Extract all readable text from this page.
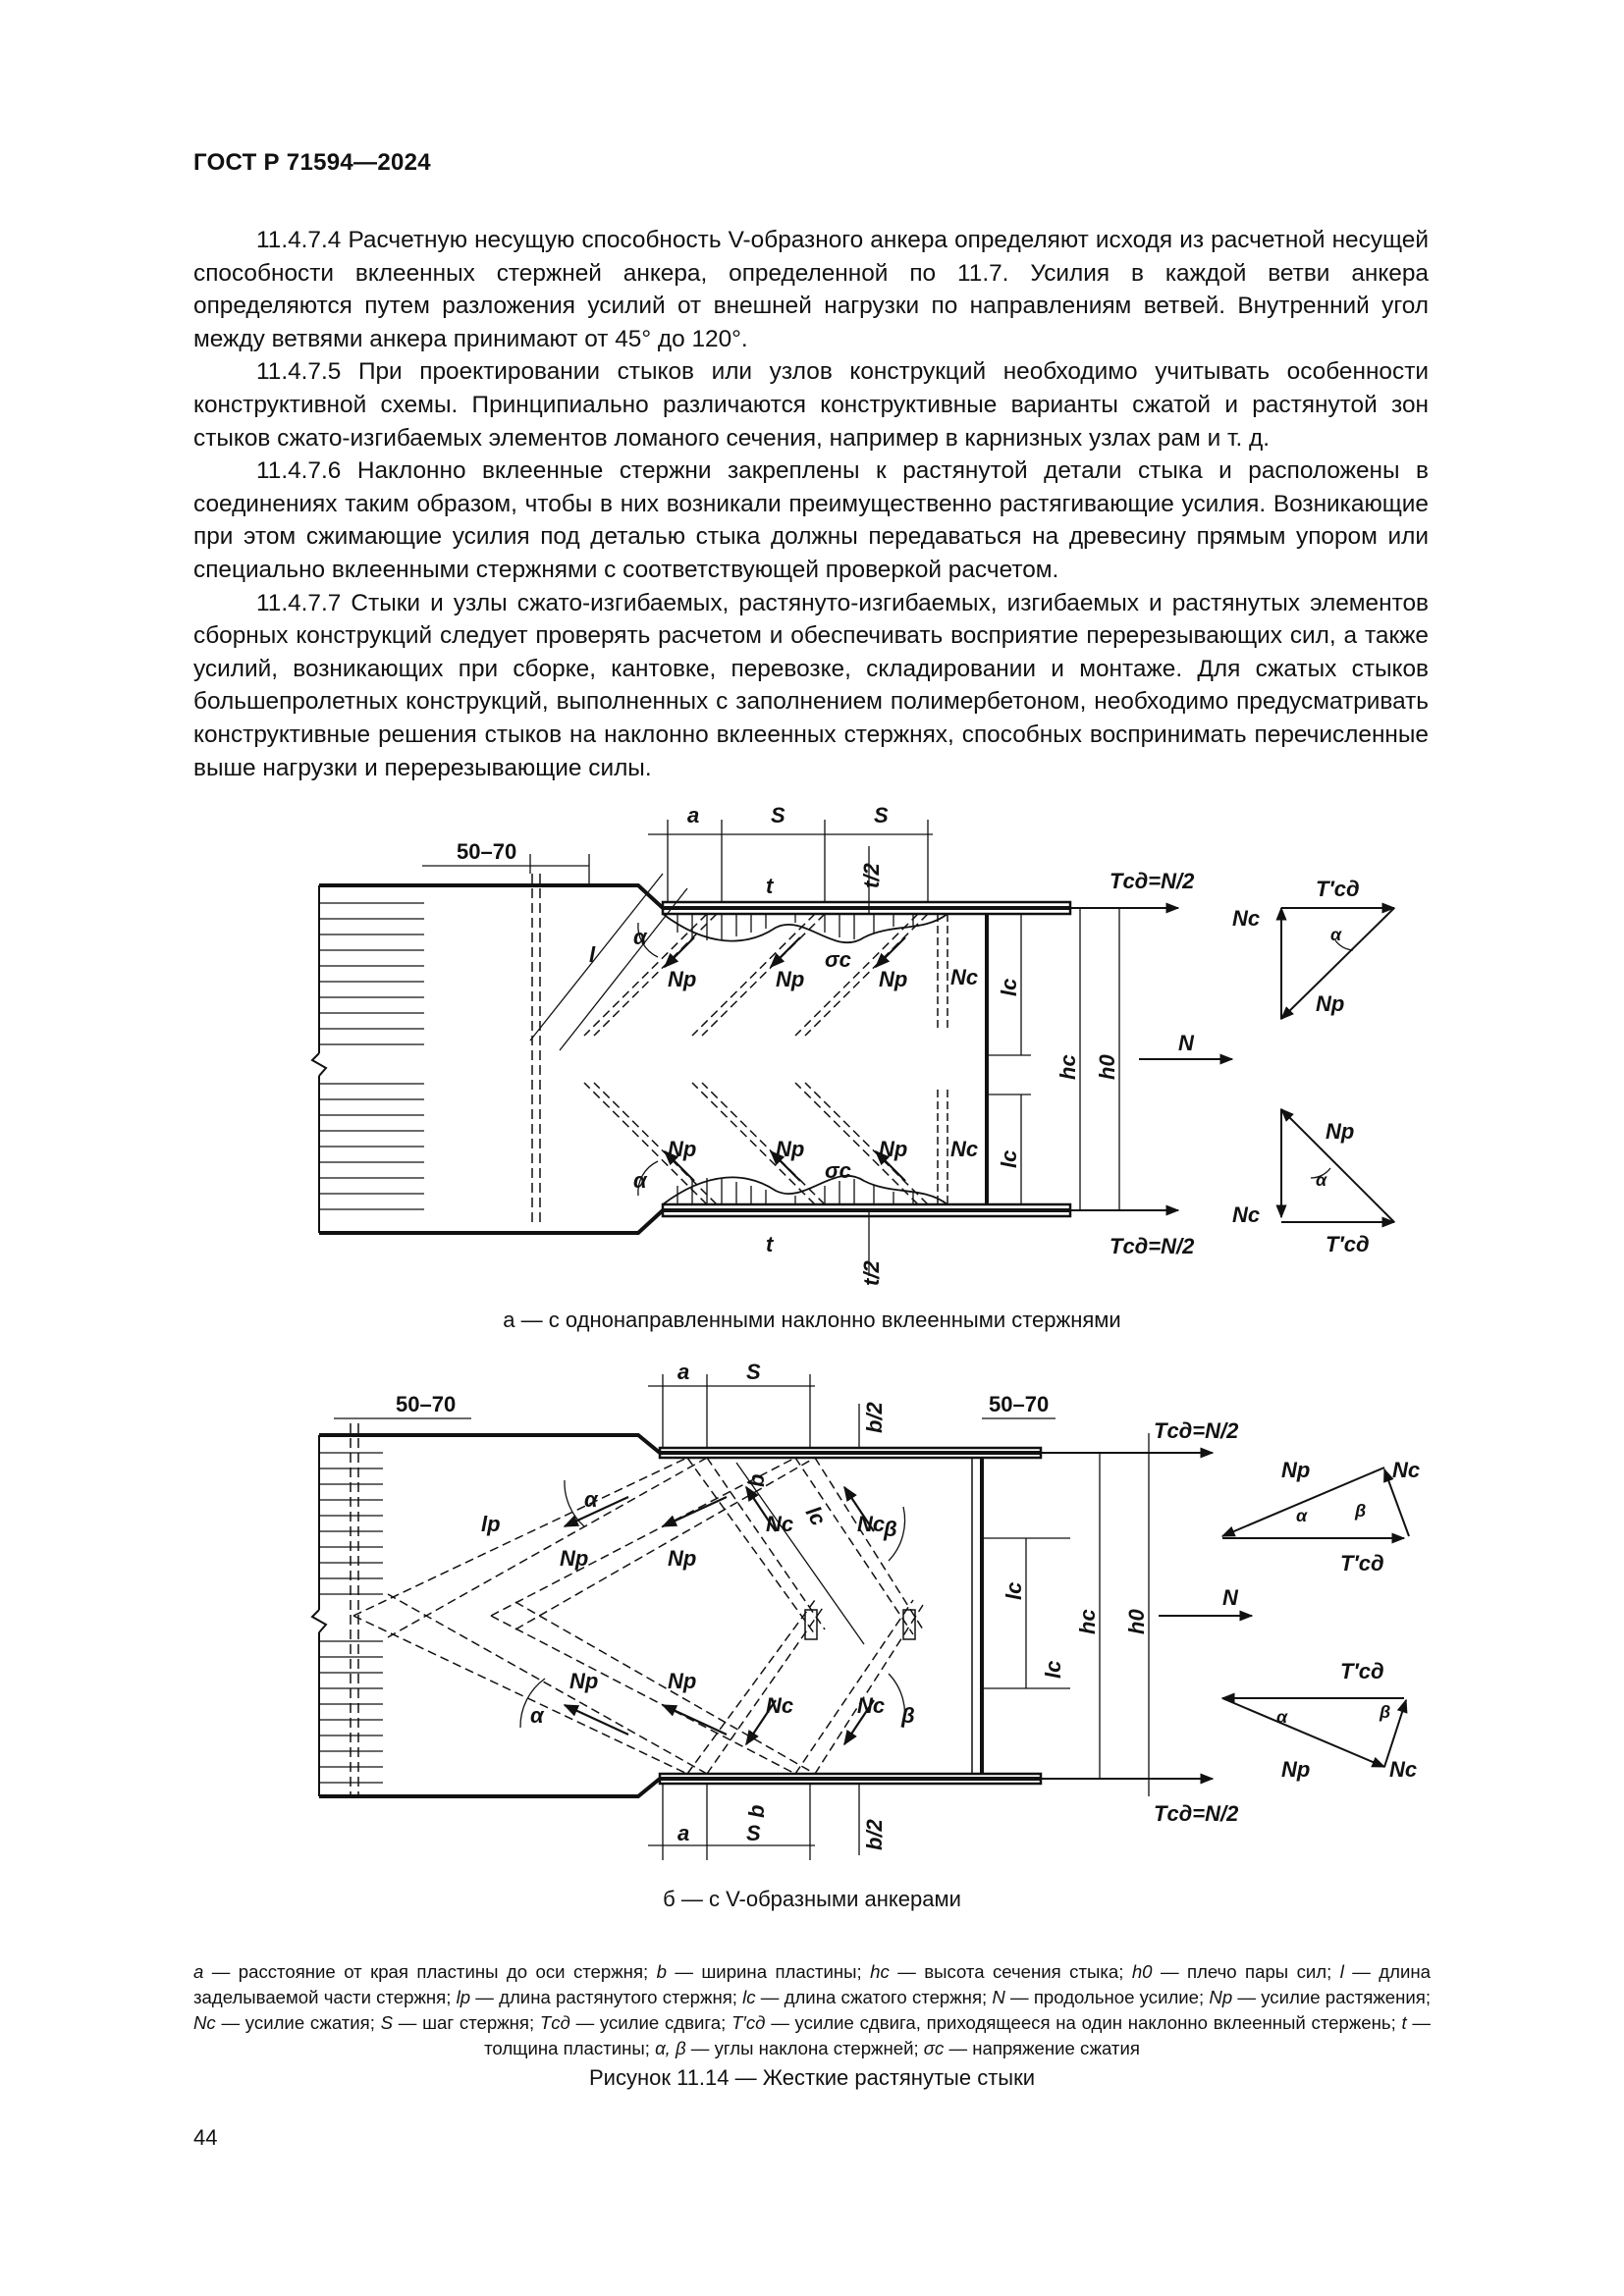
ГОСТ Р 71594—2024

11.4.7.4 Расчетную несущую способность V-образного анкера определяют исходя из расчетной несущей способности вклеенных стержней анкера, определенной по 11.7. Усилия в каждой ветви анкера определяются путем разложения усилий от внешней нагрузки по направлениям ветвей. Внутренний угол между ветвями анкера принимают от 45° до 120°.

11.4.7.5 При проектировании стыков или узлов конструкций необходимо учитывать особенности конструктивной схемы. Принципиально различаются конструктивные варианты сжатой и растянутой зон стыков сжато-изгибаемых элементов ломаного сечения, например в карнизных узлах рам и т. д.

11.4.7.6 Наклонно вклеенные стержни закреплены к растянутой детали стыка и расположены в соединениях таким образом, чтобы в них возникали преимущественно растягивающие усилия. Возникающие при этом сжимающие усилия под деталью стыка должны передаваться на древесину прямым упором или специально вклеенными стержнями с соответствующей проверкой расчетом.

11.4.7.7 Стыки и узлы сжато-изгибаемых, растянуто-изгибаемых, изгибаемых и растянутых элементов сборных конструкций следует проверять расчетом и обеспечивать восприятие перерезывающих сил, а также усилий, возникающих при сборке, кантовке, перевозке, складировании и монтаже. Для сжатых стыков большепролетных конструкций, выполненных с заполнением полимербетоном, необходимо предусматривать конструктивные решения стыков на наклонно вклеенных стержнях, способных воспринимать перечисленные выше нагрузки и перерезывающие силы.

a	S	S
50–70
l
t	t/2
t
t/2
α
α
Np	Np	Np
Np	Np	Np
Nc
Nc
σc
σc
lc
lc
hc h0
Tсд=N/2
Tсд=N/2
N
Nc
T′сд
α
Np
Np
α
Nc
T′сд
a	S
a	S
b
b
b/2
b/2
50–70	50–70
lp	lc
α
α
β
β
Np	Np
Np	Np
Nc	Nc
Nc	Nc
lc
lc
hc h0
Tсд=N/2
Tсд=N/2
N
Np	Nc
α	β
T′сд
T′сд
α	β
Np	Nc
а — с однонаправленными наклонно вклеенными стержнями
б — с V-образными анкерами
a — расстояние от края пластины до оси стержня; b — ширина пластины; hс — высота сечения стыка; h0 — плечо пары сил; l — длина заделываемой части стержня; lр — длина растянутого стержня; lс — длина сжатого стержня; N — продольное усилие; Nр — усилие растяжения; Nс — усилие сжатия; S — шаг стержня; Tсд — усилие сдвига; T′сд — усилие сдвига, приходящееся на один наклонно вклеенный стержень; t — толщина пластины; α, β — углы наклона стержней; σс — напряжение сжатия
Рисунок 11.14 — Жесткие растянутые стыки
44
